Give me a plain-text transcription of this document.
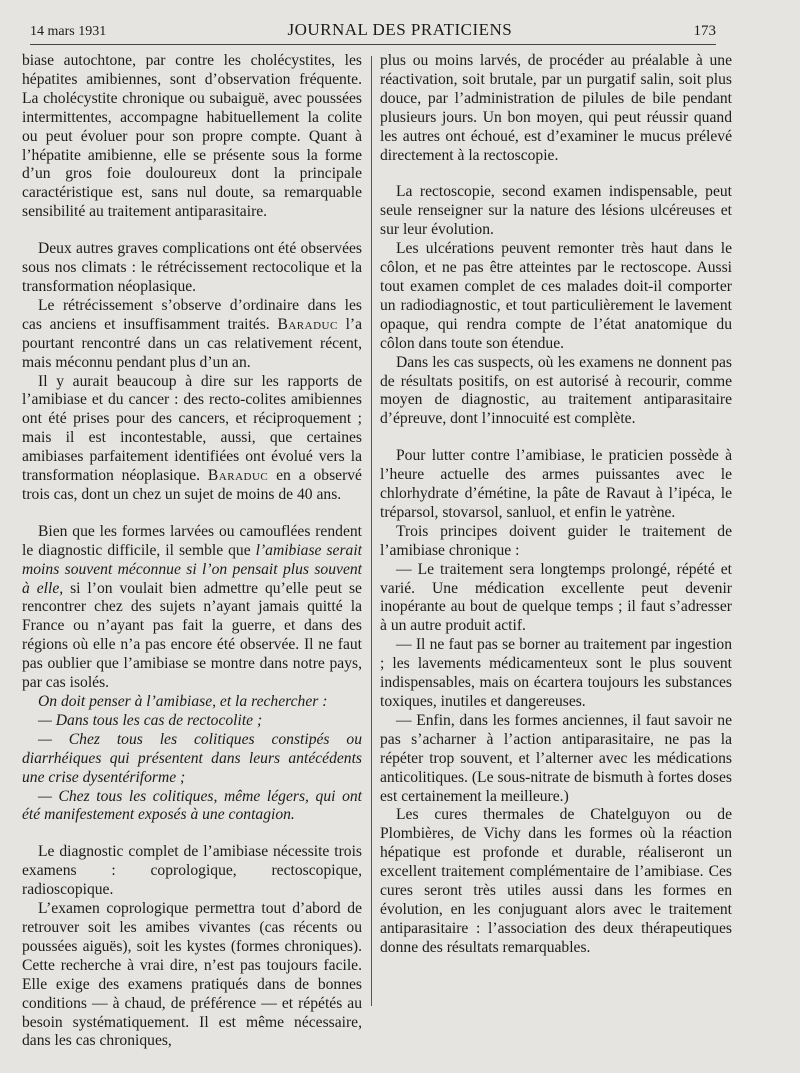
14 mars 1931	JOURNAL DES PRATICIENS	173

biase autochtone, par contre les cholécystites, les hépatites amibiennes, sont d’observation fréquente. La cholécystite chronique ou subaiguë, avec poussées intermittentes, accompagne habituellement la colite ou peut évoluer pour son propre compte. Quant à l’hépatite amibienne, elle se présente sous la forme d’un gros foie douloureux dont la principale caractéristique est, sans nul doute, sa remarquable sensibilité au traitement antiparasitaire.

Deux autres graves complications ont été observées sous nos climats : le rétrécissement rectocolique et la transformation néoplasique.

Le rétrécissement s’observe d’ordinaire dans les cas anciens et insuffisamment traités. Baraduc l’a pourtant rencontré dans un cas relativement récent, mais méconnu pendant plus d’un an.

Il y aurait beaucoup à dire sur les rapports de l’amibiase et du cancer : des recto-colites amibiennes ont été prises pour des cancers, et réciproquement ; mais il est incontestable, aussi, que certaines amibiases parfaitement identifiées ont évolué vers la transformation néoplasique. Baraduc en a observé trois cas, dont un chez un sujet de moins de 40 ans.

Bien que les formes larvées ou camouflées rendent le diagnostic difficile, il semble que l’amibiase serait moins souvent méconnue si l’on pensait plus souvent à elle, si l’on voulait bien admettre qu’elle peut se rencontrer chez des sujets n’ayant jamais quitté la France ou n’ayant pas fait la guerre, et dans des régions où elle n’a pas encore été observée. Il ne faut pas oublier que l’amibiase se montre dans notre pays, par cas isolés.

On doit penser à l’amibiase, et la rechercher :

— Dans tous les cas de rectocolite ;

— Chez tous les colitiques constipés ou diarrhéiques qui présentent dans leurs antécédents une crise dysentériforme ;

— Chez tous les colitiques, même légers, qui ont été manifestement exposés à une contagion.

Le diagnostic complet de l’amibiase nécessite trois examens : coprologique, rectoscopique, radioscopique.

L’examen coprologique permettra tout d’abord de retrouver soit les amibes vivantes (cas récents ou poussées aiguës), soit les kystes (formes chroniques). Cette recherche à vrai dire, n’est pas toujours facile. Elle exige des examens pratiqués dans de bonnes conditions — à chaud, de préférence — et répétés au besoin systématiquement. Il est même nécessaire, dans les cas chroniques,

plus ou moins larvés, de procéder au préalable à une réactivation, soit brutale, par un purgatif salin, soit plus douce, par l’administration de pilules de bile pendant plusieurs jours. Un bon moyen, qui peut réussir quand les autres ont échoué, est d’examiner le mucus prélevé directement à la rectoscopie.

La rectoscopie, second examen indispensable, peut seule renseigner sur la nature des lésions ulcéreuses et sur leur évolution.

Les ulcérations peuvent remonter très haut dans le côlon, et ne pas être atteintes par le rectoscope. Aussi tout examen complet de ces malades doit-il comporter un radiodiagnostic, et tout particulièrement le lavement opaque, qui rendra compte de l’état anatomique du côlon dans toute son étendue.

Dans les cas suspects, où les examens ne donnent pas de résultats positifs, on est autorisé à recourir, comme moyen de diagnostic, au traitement antiparasitaire d’épreuve, dont l’innocuité est complète.

Pour lutter contre l’amibiase, le praticien possède à l’heure actuelle des armes puissantes avec le chlorhydrate d’émétine, la pâte de Ravaut à l’ipéca, le tréparsol, stovarsol, sanluol, et enfin le yatrène.

Trois principes doivent guider le traitement de l’amibiase chronique :

— Le traitement sera longtemps prolongé, répété et varié. Une médication excellente peut devenir inopérante au bout de quelque temps ; il faut s’adresser à un autre produit actif.

— Il ne faut pas se borner au traitement par ingestion ; les lavements médicamenteux sont le plus souvent indispensables, mais on écartera toujours les substances toxiques, inutiles et dangereuses.

— Enfin, dans les formes anciennes, il faut savoir ne pas s’acharner à l’action antiparasitaire, ne pas la répéter trop souvent, et l’alterner avec les médications anticolitiques. (Le sous-nitrate de bismuth à fortes doses est certainement la meilleure.)

Les cures thermales de Chatelguyon ou de Plombières, de Vichy dans les formes où la réaction hépatique est profonde et durable, réaliseront un excellent traitement complémentaire de l’amibiase. Ces cures seront très utiles aussi dans les formes en évolution, en les conjuguant alors avec le traitement antiparasitaire : l’association des deux thérapeutiques donne des résultats remarquables.
